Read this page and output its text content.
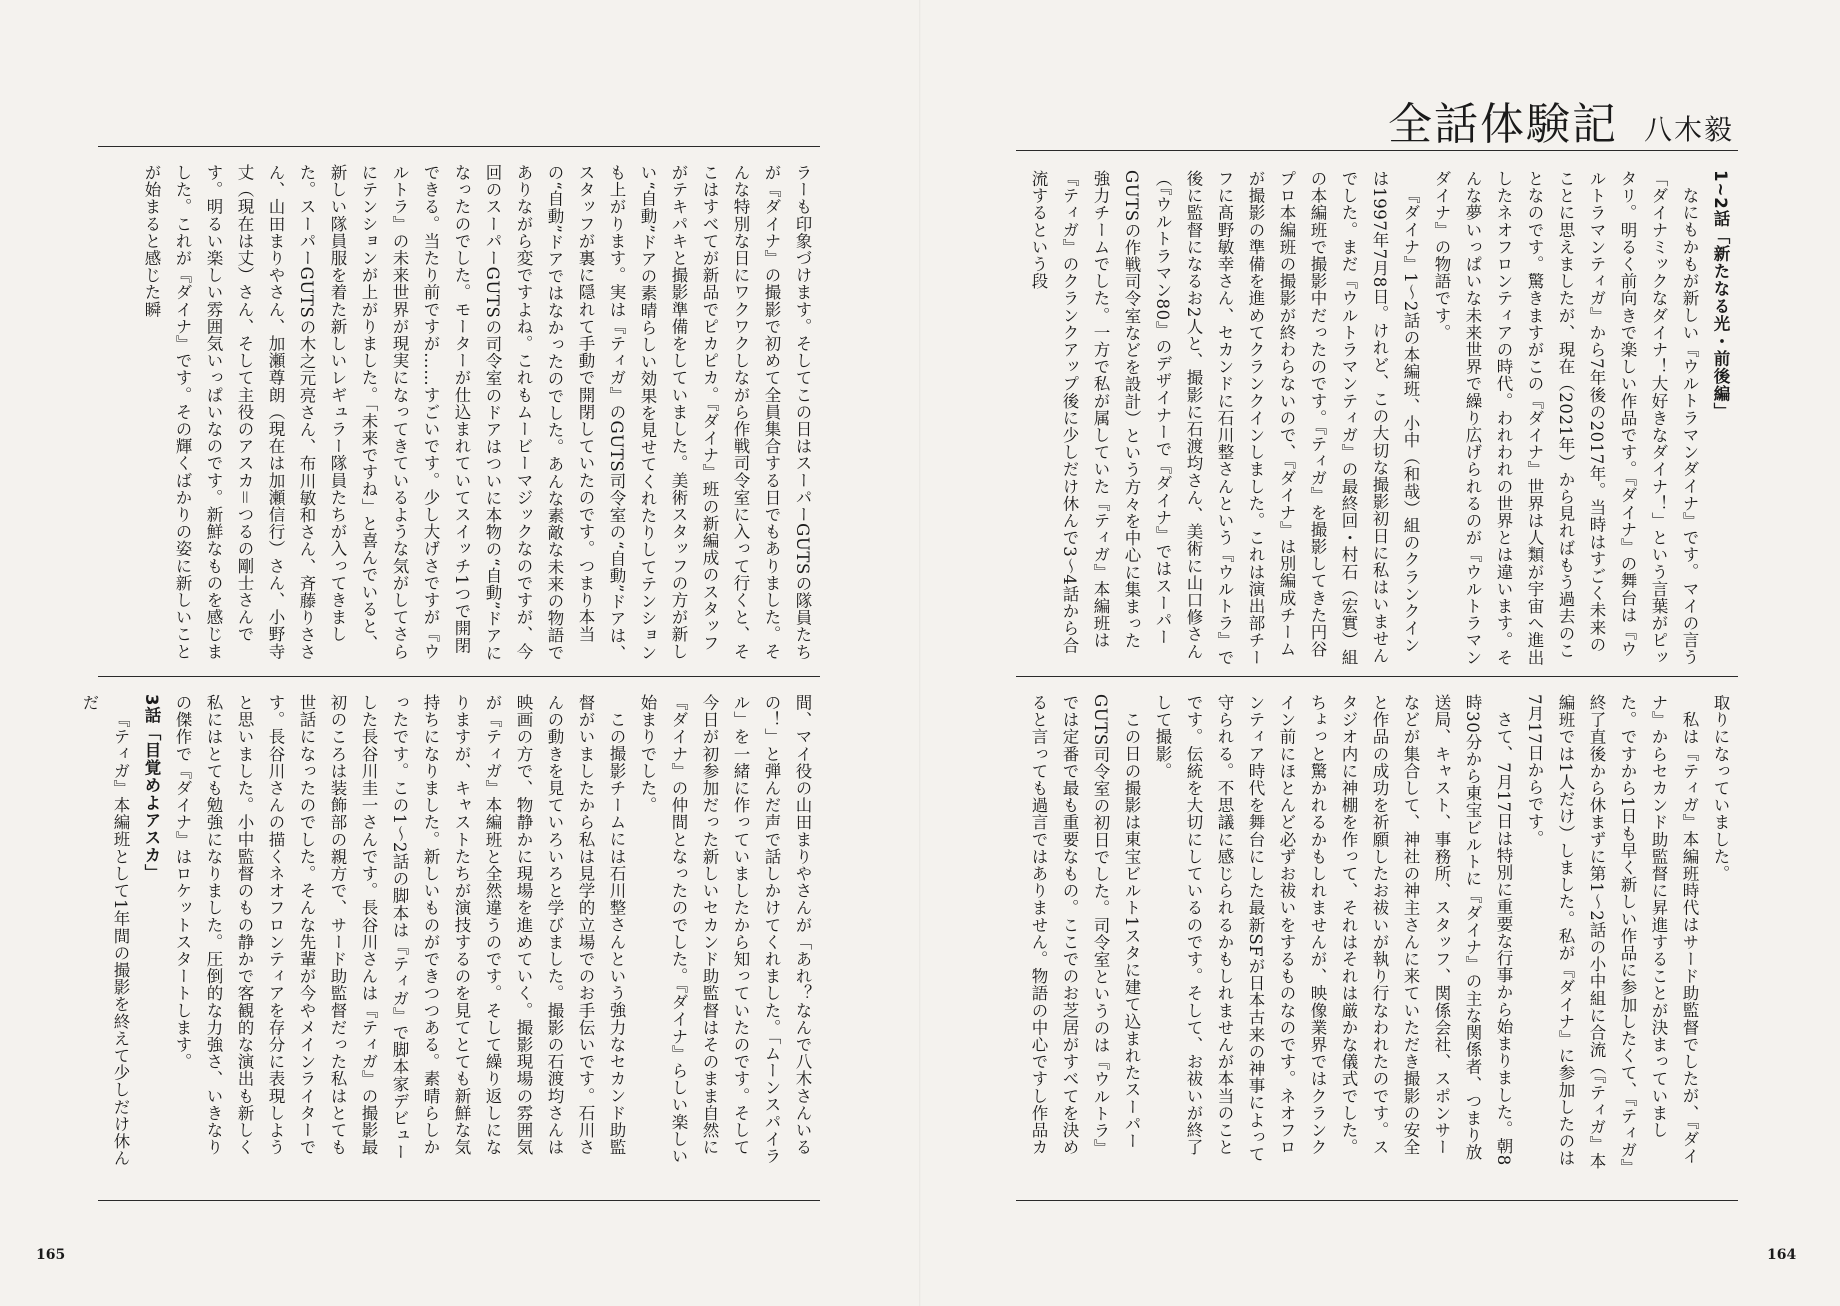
全話体験記 八木毅

1~2話「新たなる光・前後編」

なにもかもが新しい『ウルトラマンダイナ』です。マイの言う「ダイナミックなダイナ！大好きなダイナ！」という言葉がピッタリ。明るく前向きで楽しい作品です。『ダイナ』の舞台は『ウルトラマンティガ』から7年後の2017年。当時はすごく未来のことに思えましたが、現在（2021年）から見ればもう過去のことなのです。驚きますがこの『ダイナ』世界は人類が宇宙へ進出したネオフロンティアの時代。われわれの世界とは違います。そんな夢いっぱいな未来世界で繰り広げられるのが『ウルトラマンダイナ』の物語です。

『ダイナ』1〜2話の本編班、小中（和哉）組のクランクインは1997年7月8日。けれど、この大切な撮影初日に私はいませんでした。まだ『ウルトラマンティガ』の最終回・村石（宏實）組の本編班で撮影中だったのです。『ティガ』を撮影してきた円谷プロ本編班の撮影が終わらないので、『ダイナ』は別編成チームが撮影の準備を進めてクランクインしました。これは演出部チーフに髙野敏幸さん、セカンドに石川整さんという『ウルトラ』で後に監督になるお2人と、撮影に石渡均さん、美術に山口修さん（『ウルトラマン80』のデザイナーで『ダイナ』ではスーパーGUTSの作戦司令室などを設計）という方々を中心に集まった強力チームでした。一方で私が属していた『ティガ』本編班は『ティガ』のクランクアップ後に少しだけ休んで3〜4話から合流するという段

取りになっていました。

私は『ティガ』本編班時代はサード助監督でしたが、『ダイナ』からセカンド助監督に昇進することが決まっていました。ですから1日も早く新しい作品に参加したくて、『ティガ』終了直後から休まずに第1〜2話の小中組に合流（『ティガ』本編班では1人だけ）しました。私が『ダイナ』に参加したのは7月17日からです。

さて、7月17日は特別に重要な行事から始まりました。朝8時30分から東宝ビルトに『ダイナ』の主な関係者、つまり放送局、キャスト、事務所、スタッフ、関係会社、スポンサーなどが集合して、神社の神主さんに来ていただき撮影の安全と作品の成功を祈願したお祓いが執り行なわれたのです。スタジオ内に神棚を作って、それはそれは厳かな儀式でした。ちょっと驚かれるかもしれませんが、映像業界ではクランクイン前にほとんど必ずお祓いをするものなのです。ネオフロンティア時代を舞台にした最新SFが日本古来の神事によって守られる。不思議に感じられるかもしれませんが本当のことです。伝統を大切にしているのです。そして、お祓いが終了して撮影。

この日の撮影は東宝ビルト1スタに建て込まれたスーパーGUTS司令室の初日でした。司令室というのは『ウルトラ』では定番で最も重要なもの。ここでのお芝居がすべてを決めると言っても過言ではありません。物語の中心ですし作品カ

164

ラーも印象づけます。そしてこの日はスーパーGUTSの隊員たちが『ダイナ』の撮影で初めて全員集合する日でもありました。そんな特別な日にワクワクしながら作戦司令室に入って行くと、そこはすべてが新品でピカピカ。『ダイナ』班の新編成のスタッフがテキパキと撮影準備をしていました。美術スタッフの方が新しい“自動”ドアの素晴らしい効果を見せてくれたりしてテンションも上がります。実は『ティガ』のGUTS司令室の“自動”ドアは、スタッフが裏に隠れて手動で開閉していたのです。つまり本当の“自動”ドアではなかったのでした。あんな素敵な未来の物語でありながら変ですよね。これもムービーマジックなのですが、今回のスーパーGUTSの司令室のドアはついに本物の“自動”ドアになったのでした。モーターが仕込まれていてスイッチ1つで開閉できる。当たり前ですが……すごいです。少し大げさですが『ウルトラ』の未来世界が現実になってきているような気がしてさらにテンションが上がりました。「未来ですね」と喜んでいると、新しい隊員服を着た新しいレギュラー隊員たちが入ってきました。スーパーGUTSの木之元亮さん、布川敏和さん、斉藤りささん、山田まりやさん、加瀬尊朗（現在は加瀬信行）さん、小野寺丈（現在は丈）さん、そして主役のアスカ＝つるの剛士さんです。明るい楽しい雰囲気いっぱいなのです。新鮮なものを感じました。これが『ダイナ』です。その輝くばかりの姿に新しいことが始まると感じた瞬

間、マイ役の山田まりやさんが「あれ？なんで八木さんいるの！」と弾んだ声で話しかけてくれました。「ムーンスパイラル」を一緒に作っていましたから知っていたのです。そして今日が初参加だった新しいセカンド助監督はそのまま自然に『ダイナ』の仲間となったのでした。『ダイナ』らしい楽しい始まりでした。

この撮影チームには石川整さんという強力なセカンド助監督がいましたから私は見学的立場でのお手伝いです。石川さんの動きを見ていろいろと学びました。撮影の石渡均さんは映画の方で、物静かに現場を進めていく。撮影現場の雰囲気が『ティガ』本編班と全然違うのです。そして繰り返しになりますが、キャストたちが演技するのを見てとても新鮮な気持ちになりました。新しいものができつつある。素晴らしかったです。この1〜2話の脚本は『ティガ』で脚本家デビューした長谷川圭一さんです。長谷川さんは『ティガ』の撮影最初のころは装飾部の親方で、サード助監督だった私はとても世話になったのでした。そんな先輩が今やメインライターです。長谷川さんの描くネオフロンティアを存分に表現しようと思いました。小中監督のもの静かで客観的な演出も新しく私にはとても勉強になりました。圧倒的な力強さ、いきなりの傑作で『ダイナ』はロケットスタートします。

3話「目覚めよアスカ」

『ティガ』本編班として1年間の撮影を終えて少しだけ休んだ

165
